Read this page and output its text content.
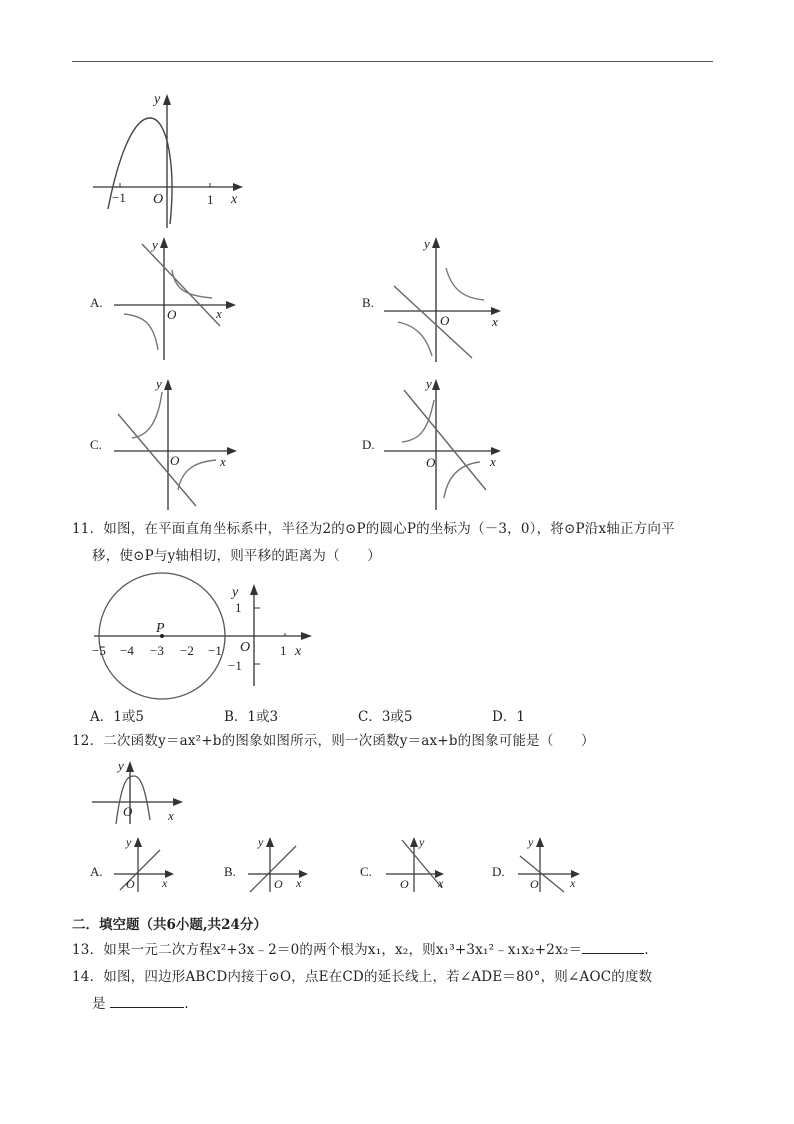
y
x
O
−1	1
A.
y
x
O
B.
y
x
O
C.
y
x
O
D.
y
x
O
11．如图，在平面直角坐标系中，半径为2的⊙P的圆心P的坐标为（－3，0），将⊙P沿x轴正方向平
移，使⊙P与y轴相切，则平移的距离为（　　）
P
y
x
O
1
−1
−5 −4 −3 −2 −1	1
A．1或5	B．1或3	C．3或5	D．1
12．二次函数y＝ax²+b的图象如图所示，则一次函数y＝ax+b的图象可能是（　　）
y
x
O
A.
y
x
O
B.
y
x
O
C.
y
x
O
D.
y
x
O
二．填空题（共6小题,共24分）
13．如果一元二次方程x²+3x﹣2＝0的两个根为x₁，x₂，则x₁³+3x₁²﹣x₁x₂+2x₂＝	.
14．如图，四边形ABCD内接于⊙O，点E在CD的延长线上，若∠ADE＝80°，则∠AOC的度数
是	.
